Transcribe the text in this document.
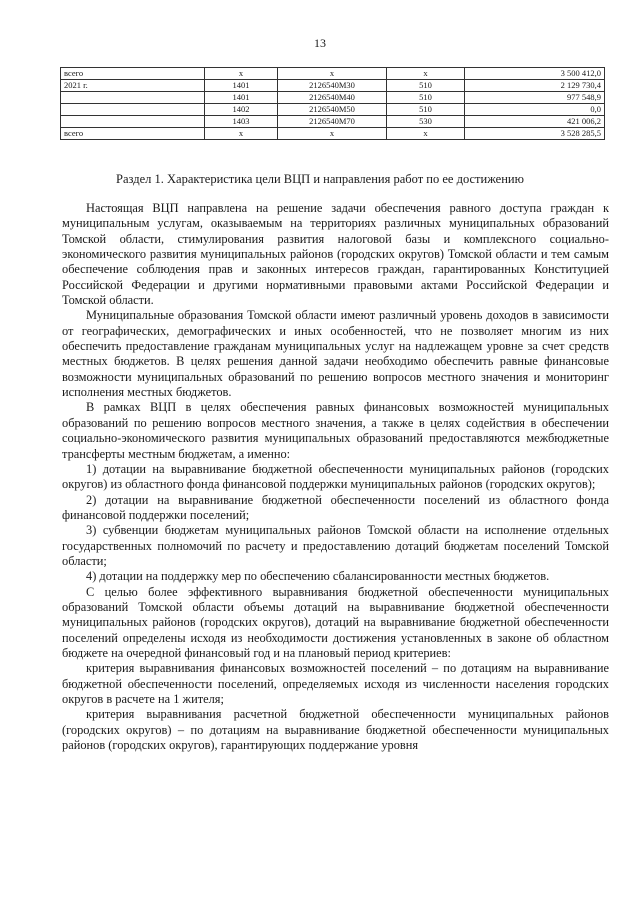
13
всего	x	x	x	3 500 412,0
2021 г.	1401	2126540M30	510	2 129 730,4
	1401	2126540M40	510	977 548,9
	1402	2126540M50	510	0,0
	1403	2126540M70	530	421 006,2
всего	x	x	x	3 528 285,5
Раздел 1. Характеристика цели ВЦП и направления работ по ее достижению

Настоящая ВЦП направлена на решение задачи обеспечения равного доступа граждан к муниципальным услугам, оказываемым на территориях различных муниципальных образований Томской области, стимулирования развития налоговой базы и комплексного социально-экономического развития муниципальных районов (городских округов) Томской области и тем самым обеспечение соблюдения прав и законных интересов граждан, гарантированных Конституцией Российской Федерации и другими нормативными правовыми актами Российской Федерации и Томской области.

Муниципальные образования Томской области имеют различный уровень доходов в зависимости от географических, демографических и иных особенностей, что не позволяет многим из них обеспечить предоставление гражданам муниципальных услуг на надлежащем уровне за счет средств местных бюджетов. В целях решения данной задачи необходимо обеспечить равные финансовые возможности муниципальных образований по решению вопросов местного значения и мониторинг исполнения местных бюджетов.

В рамках ВЦП в целях обеспечения равных финансовых возможностей муниципальных образований по решению вопросов местного значения, а также в целях содействия в обеспечении социально-экономического развития муниципальных образований предоставляются межбюджетные трансферты местным бюджетам, а именно:

1) дотации на выравнивание бюджетной обеспеченности муниципальных районов (городских округов) из областного фонда финансовой поддержки муниципальных районов (городских округов);

2) дотации на выравнивание бюджетной обеспеченности поселений из областного фонда финансовой поддержки поселений;

3) субвенции бюджетам муниципальных районов Томской области на исполнение отдельных государственных полномочий по расчету и предоставлению дотаций бюджетам поселений Томской области;

4) дотации на поддержку мер по обеспечению сбалансированности местных бюджетов.

С целью более эффективного выравнивания бюджетной обеспеченности муниципальных образований Томской области объемы дотаций на выравнивание бюджетной обеспеченности муниципальных районов (городских округов), дотаций на выравнивание бюджетной обеспеченности поселений определены исходя из необходимости достижения установленных в законе об областном бюджете на очередной финансовый год и на плановый период критериев:

критерия выравнивания финансовых возможностей поселений – по дотациям на выравнивание бюджетной обеспеченности поселений, определяемых исходя из численности населения городских округов в расчете на 1 жителя;

критерия выравнивания расчетной бюджетной обеспеченности муниципальных районов (городских округов) – по дотациям на выравнивание бюджетной обеспеченности муниципальных районов (городских округов), гарантирующих поддержание уровня
